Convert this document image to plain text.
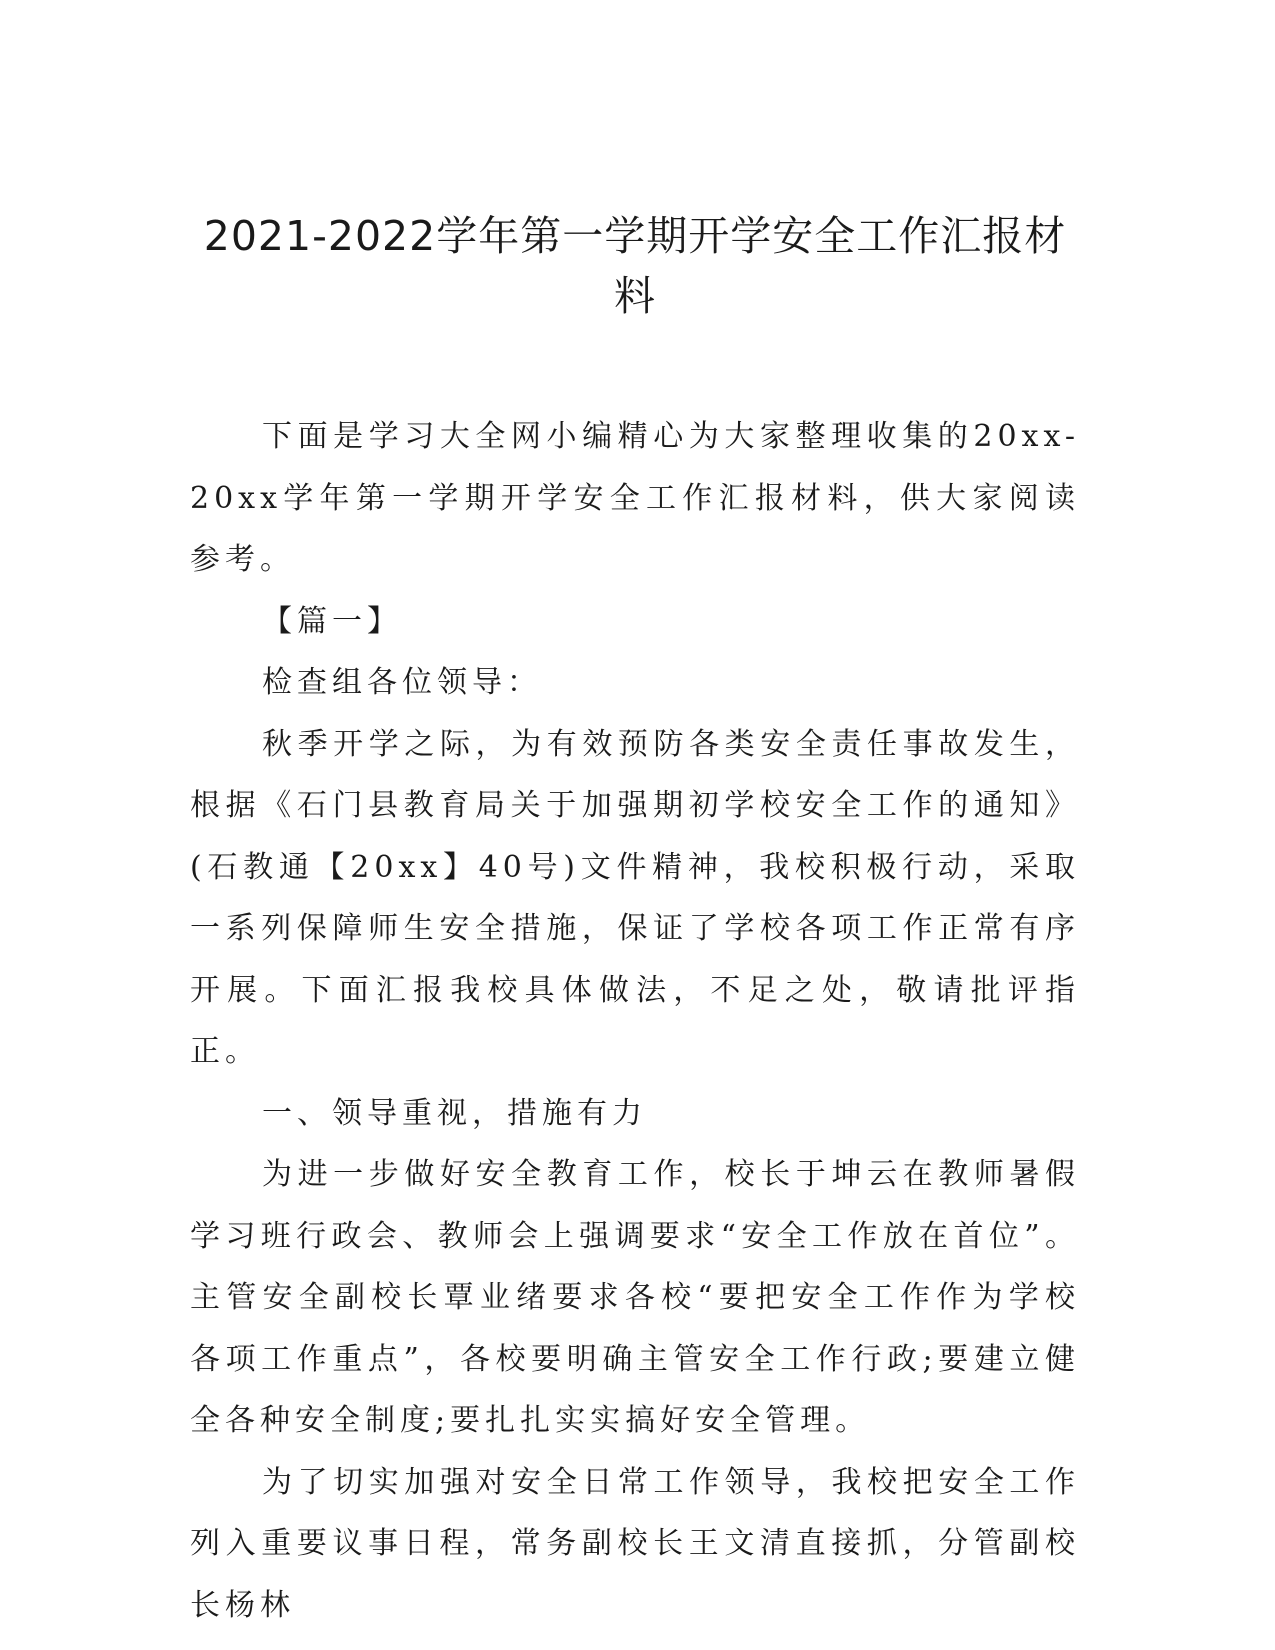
2021-2022学年第一学期开学安全工作汇报材料

下面是学习大全网小编精心为大家整理收集的20xx-20xx学年第一学期开学安全工作汇报材料，供大家阅读参考。

【篇一】

检查组各位领导：

秋季开学之际，为有效预防各类安全责任事故发生，根据《石门县教育局关于加强期初学校安全工作的通知》(石教通【20xx】40号)文件精神，我校积极行动，采取一系列保障师生安全措施，保证了学校各项工作正常有序开展。下面汇报我校具体做法，不足之处，敬请批评指正。

一、领导重视，措施有力

为进一步做好安全教育工作，校长于坤云在教师暑假学习班行政会、教师会上强调要求“安全工作放在首位”。主管安全副校长覃业绪要求各校“要把安全工作作为学校各项工作重点”，各校要明确主管安全工作行政;要建立健全各种安全制度;要扎扎实实搞好安全管理。

为了切实加强对安全日常工作领导，我校把安全工作列入重要议事日程，常务副校长王文清直接抓，分管副校长杨林
